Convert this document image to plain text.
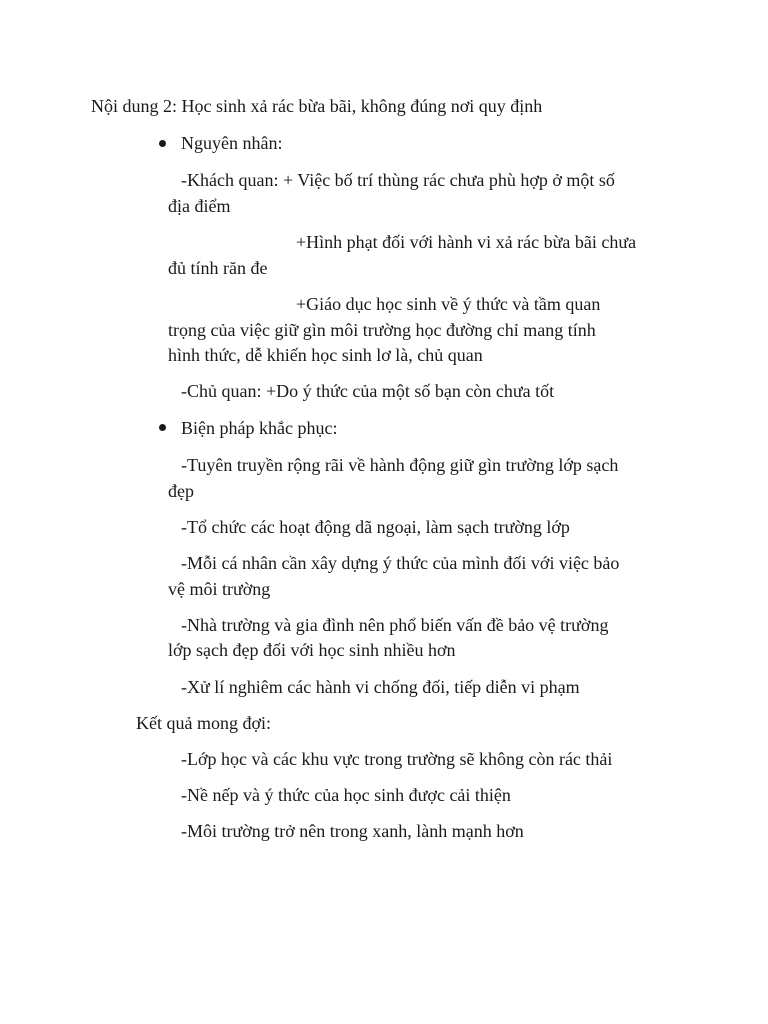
Nội dung 2: Học sinh xả rác bừa bãi, không đúng nơi quy định
Nguyên nhân:
-Khách quan: + Việc bố trí thùng rác chưa phù hợp ở một số
địa điểm
+Hình phạt đối với hành vi xả rác bừa bãi chưa
đủ tính răn đe
+Giáo dục học sinh về ý thức và tầm quan
trọng của việc giữ gìn môi trường học đường chỉ mang tính
hình thức, dễ khiến học sinh lơ là, chủ quan
-Chủ quan: +Do ý thức của một số bạn còn chưa tốt
Biện pháp khắc phục:
-Tuyên truyền rộng rãi về hành động giữ gìn trường lớp sạch
đẹp
-Tổ chức các hoạt động dã ngoại, làm sạch trường lớp
-Mỗi cá nhân cần xây dựng ý thức của mình đối với việc bảo
vệ môi trường
-Nhà trường và gia đình nên phổ biến vấn đề bảo vệ trường
lớp sạch đẹp đối với học sinh nhiều hơn
-Xử lí nghiêm các hành vi chống đối, tiếp diễn vi phạm
Kết quả mong đợi:
-Lớp học và các khu vực trong trường sẽ không còn rác thải
-Nề nếp và ý thức của học sinh được cải thiện
-Môi trường trở nên trong xanh, lành mạnh hơn
